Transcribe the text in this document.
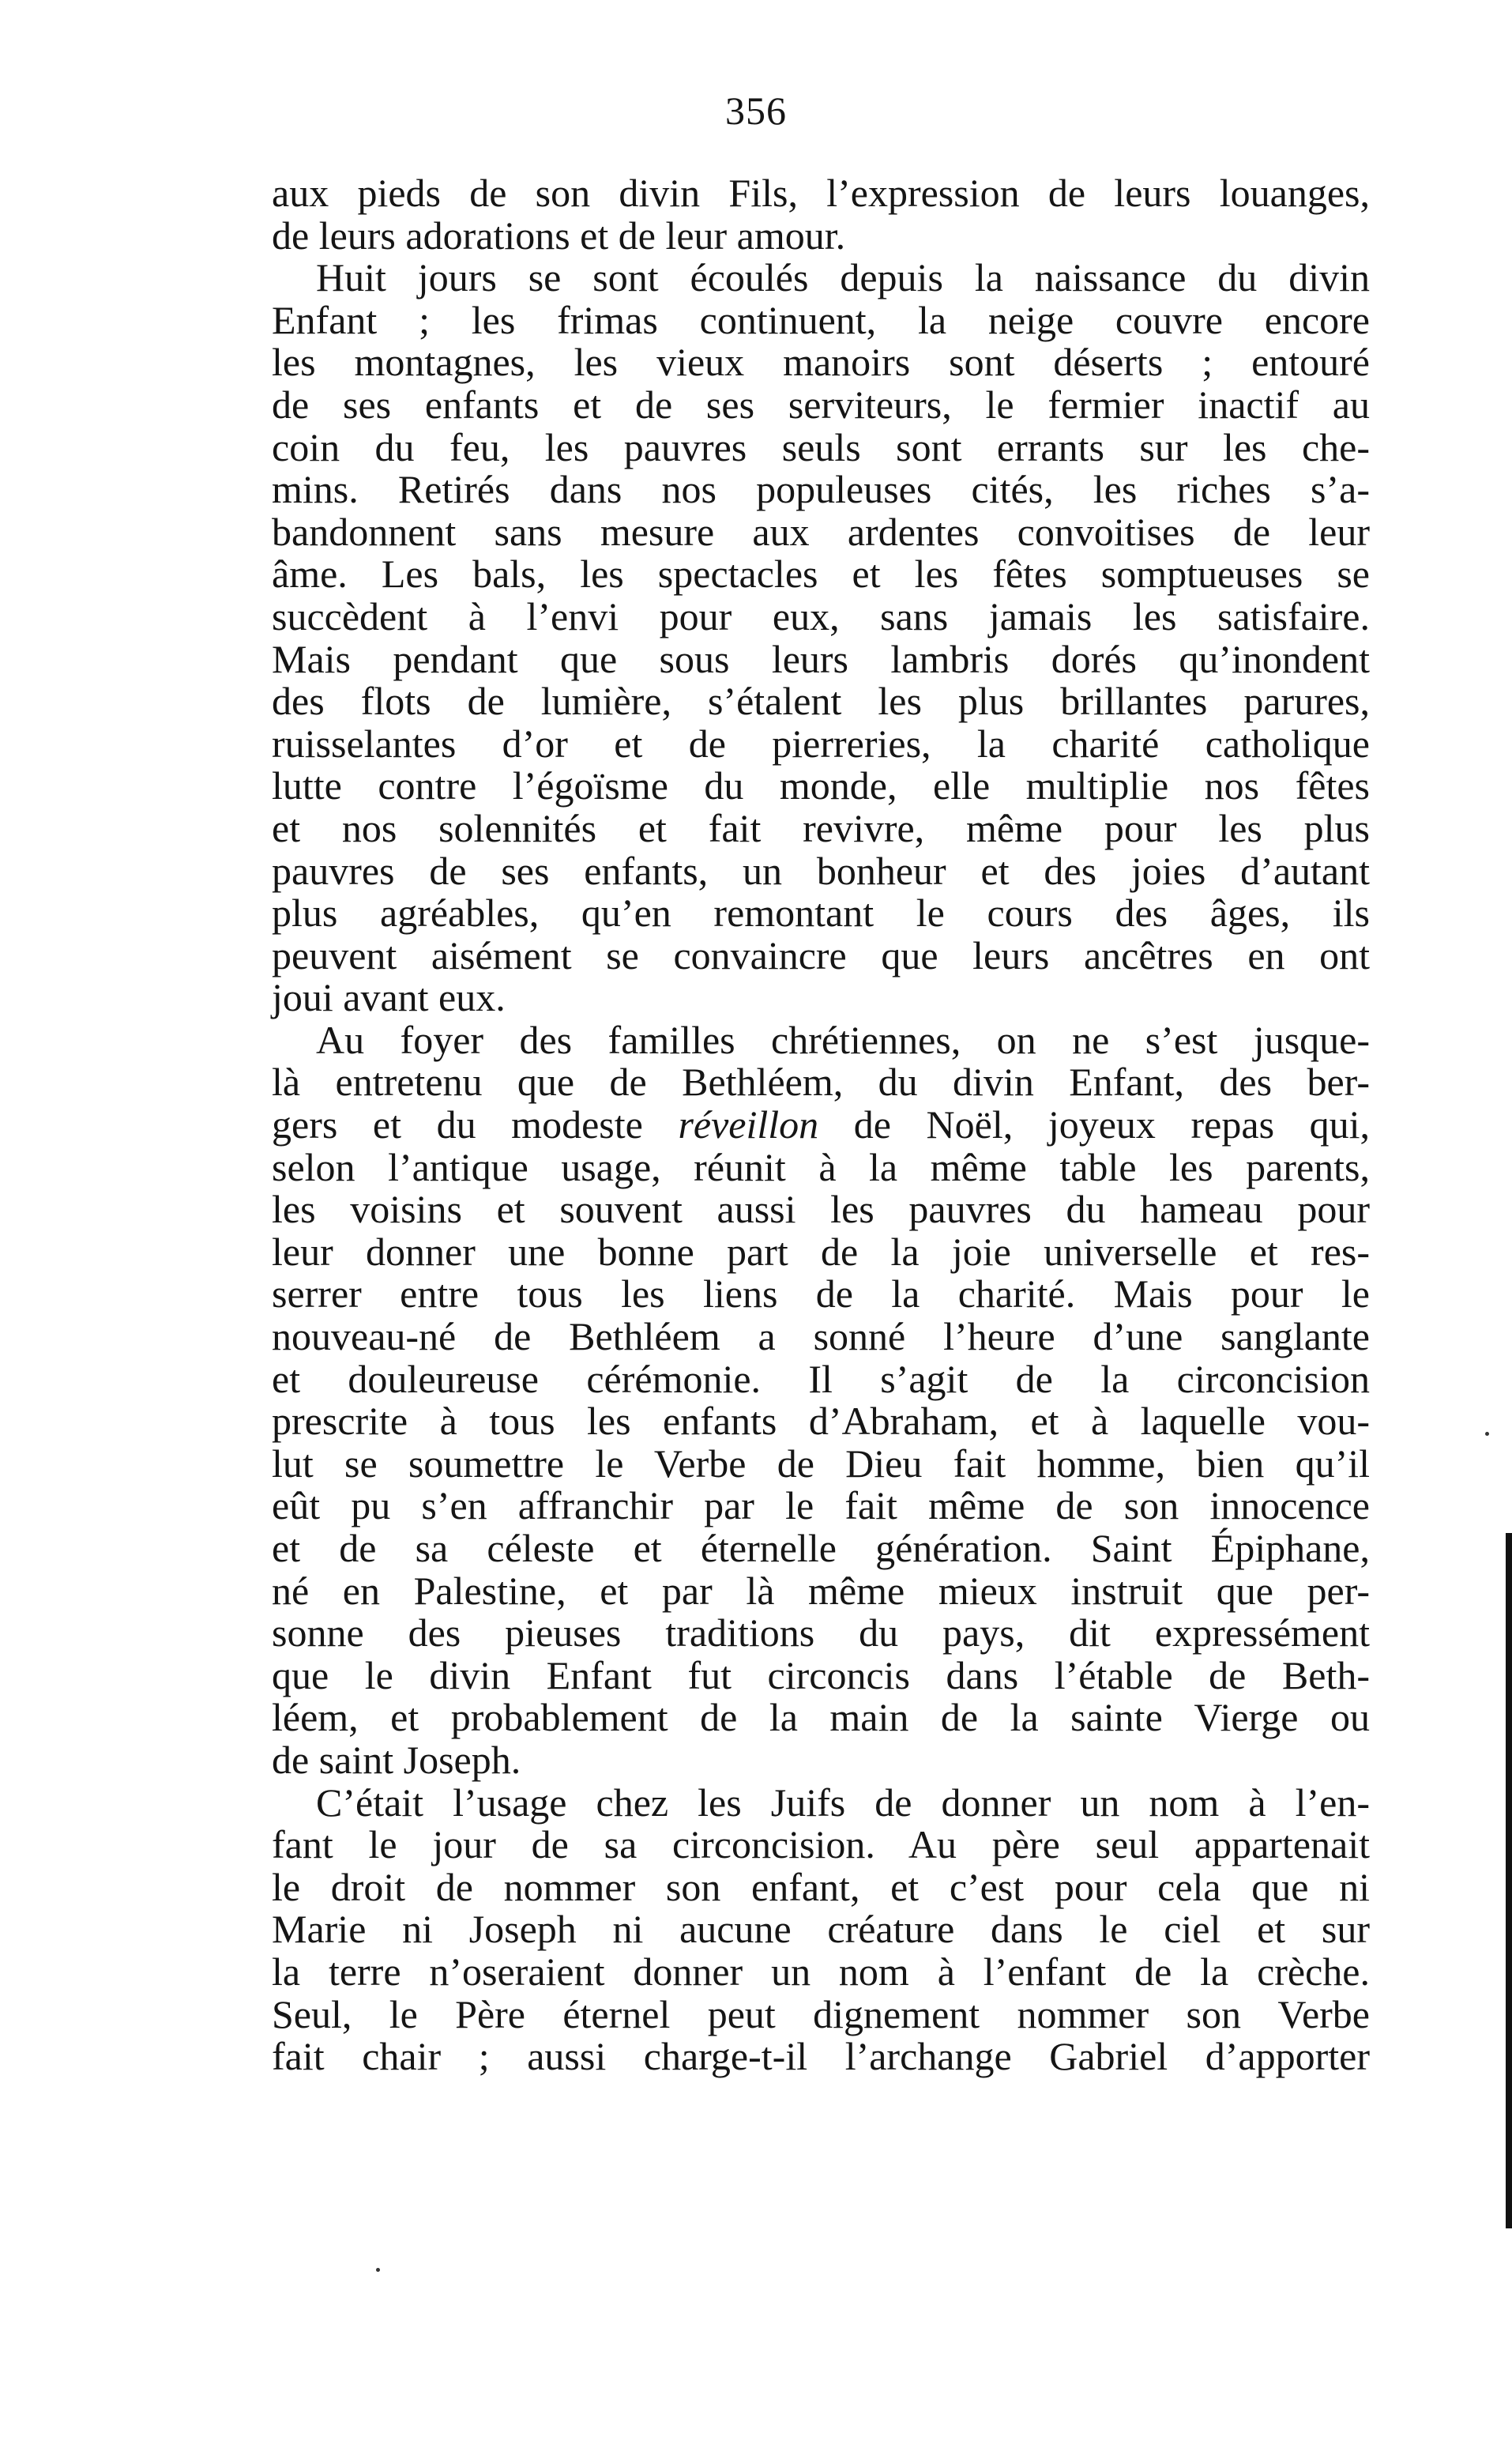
356
aux pieds de son divin Fils, l’expression de leurs louanges,
de leurs adorations et de leur amour.
Huit jours se sont écoulés depuis la naissance du divin
Enfant ; les frimas continuent, la neige couvre encore
les montagnes, les vieux manoirs sont déserts ; entouré
de ses enfants et de ses serviteurs, le fermier inactif au
coin du feu, les pauvres seuls sont errants sur les che-
mins. Retirés dans nos populeuses cités, les riches s’a-
bandonnent sans mesure aux ardentes convoitises de leur
âme. Les bals, les spectacles et les fêtes somptueuses se
succèdent à l’envi pour eux, sans jamais les satisfaire.
Mais pendant que sous leurs lambris dorés qu’inondent
des flots de lumière, s’étalent les plus brillantes parures,
ruisselantes d’or et de pierreries, la charité catholique
lutte contre l’égoïsme du monde, elle multiplie nos fêtes
et nos solennités et fait revivre, même pour les plus
pauvres de ses enfants, un bonheur et des joies d’autant
plus agréables, qu’en remontant le cours des âges, ils
peuvent aisément se convaincre que leurs ancêtres en ont
joui avant eux.
Au foyer des familles chrétiennes, on ne s’est jusque-
là entretenu que de Bethléem, du divin Enfant, des ber-
gers et du modeste réveillon de Noël, joyeux repas qui,
selon l’antique usage, réunit à la même table les parents,
les voisins et souvent aussi les pauvres du hameau pour
leur donner une bonne part de la joie universelle et res-
serrer entre tous les liens de la charité. Mais pour le
nouveau-né de Bethléem a sonné l’heure d’une sanglante
et douleureuse cérémonie. Il s’agit de la circoncision
prescrite à tous les enfants d’Abraham, et à laquelle vou-
lut se soumettre le Verbe de Dieu fait homme, bien qu’il
eût pu s’en affranchir par le fait même de son innocence
et de sa céleste et éternelle génération. Saint Épiphane,
né en Palestine, et par là même mieux instruit que per-
sonne des pieuses traditions du pays, dit expressément
que le divin Enfant fut circoncis dans l’étable de Beth-
léem, et probablement de la main de la sainte Vierge ou
de saint Joseph.
C’était l’usage chez les Juifs de donner un nom à l’en-
fant le jour de sa circoncision. Au père seul appartenait
le droit de nommer son enfant, et c’est pour cela que ni
Marie ni Joseph ni aucune créature dans le ciel et sur
la terre n’oseraient donner un nom à l’enfant de la crèche.
Seul, le Père éternel peut dignement nommer son Verbe
fait chair ; aussi charge-t-il l’archange Gabriel d’apporter
